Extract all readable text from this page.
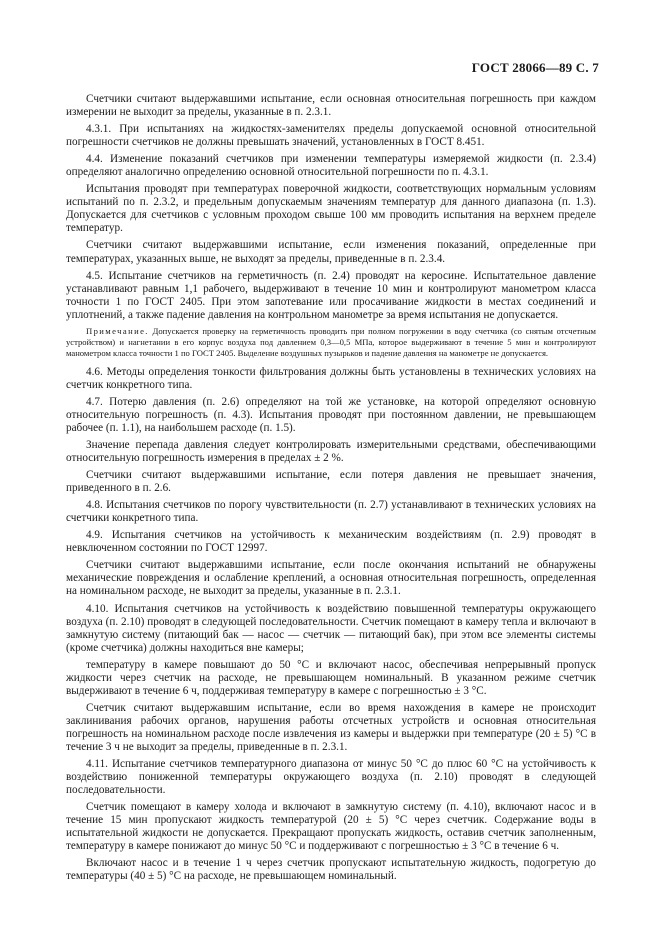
ГОСТ 28066—89 С. 7

Счетчики считают выдержавшими испытание, если основная относительная погрешность при каждом измерении не выходит за пределы, указанные в п. 2.3.1.

4.3.1. При испытаниях на жидкостях-заменителях пределы допускаемой основной относительной погрешности счетчиков не должны превышать значений, установленных в ГОСТ 8.451.

4.4. Изменение показаний счетчиков при изменении температуры измеряемой жидкости (п. 2.3.4) определяют аналогично определению основной относительной погрешности по п. 4.3.1.

Испытания проводят при температурах поверочной жидкости, соответствующих нормальным условиям испытаний по п. 2.3.2, и предельным допускаемым значениям температур для данного диапазона (п. 1.3). Допускается для счетчиков с условным проходом свыше 100 мм проводить испытания на верхнем пределе температур.

Счетчики считают выдержавшими испытание, если изменения показаний, определенные при температурах, указанных выше, не выходят за пределы, приведенные в п. 2.3.4.

4.5. Испытание счетчиков на герметичность (п. 2.4) проводят на керосине. Испытательное давление устанавливают равным 1,1 рабочего, выдерживают в течение 10 мин и контролируют манометром класса точности 1 по ГОСТ 2405. При этом запотевание или просачивание жидкости в местах соединений и уплотнений, а также падение давления на контрольном манометре за время испытания не допускается.

Примечание. Допускается проверку на герметичность проводить при полном погружении в воду счетчика (со снятым отсчетным устройством) и нагнетании в его корпус воздуха под давлением 0,3—0,5 МПа, которое выдерживают в течение 5 мин и контролируют манометром класса точности 1 по ГОСТ 2405. Выделение воздушных пузырьков и падение давления на манометре не допускается.

4.6. Методы определения тонкости фильтрования должны быть установлены в технических условиях на счетчик конкретного типа.

4.7. Потерю давления (п. 2.6) определяют на той же установке, на которой определяют основную относительную погрешность (п. 4.3). Испытания проводят при постоянном давлении, не превышающем рабочее (п. 1.1), на наибольшем расходе (п. 1.5).

Значение перепада давления следует контролировать измерительными средствами, обеспечивающими относительную погрешность измерения в пределах ± 2 %.

Счетчики считают выдержавшими испытание, если потеря давления не превышает значения, приведенного в п. 2.6.

4.8. Испытания счетчиков по порогу чувствительности (п. 2.7) устанавливают в технических условиях на счетчики конкретного типа.

4.9. Испытания счетчиков на устойчивость к механическим воздействиям (п. 2.9) проводят в невключенном состоянии по ГОСТ 12997.

Счетчики считают выдержавшими испытание, если после окончания испытаний не обнаружены механические повреждения и ослабление креплений, а основная относительная погрешность, определенная на номинальном расходе, не выходит за пределы, указанные в п. 2.3.1.

4.10. Испытания счетчиков на устойчивость к воздействию повышенной температуры окружающего воздуха (п. 2.10) проводят в следующей последовательности. Счетчик помещают в камеру тепла и включают в замкнутую систему (питающий бак — насос — счетчик — питающий бак), при этом все элементы системы (кроме счетчика) должны находиться вне камеры;

температуру в камере повышают до 50 °С и включают насос, обеспечивая непрерывный пропуск жидкости через счетчик на расходе, не превышающем номинальный. В указанном режиме счетчик выдерживают в течение 6 ч, поддерживая температуру в камере с погрешностью ± 3 °С.

Счетчик считают выдержавшим испытание, если во время нахождения в камере не происходит заклинивания рабочих органов, нарушения работы отсчетных устройств и основная относительная погрешность на номинальном расходе после извлечения из камеры и выдержки при температуре (20 ± 5) °С в течение 3 ч не выходит за пределы, приведенные в п. 2.3.1.

4.11. Испытание счетчиков температурного диапазона от минус 50 °С до плюс 60 °С на устойчивость к воздействию пониженной температуры окружающего воздуха (п. 2.10) проводят в следующей последовательности.

Счетчик помещают в камеру холода и включают в замкнутую систему (п. 4.10), включают насос и в течение 15 мин пропускают жидкость температурой (20 ± 5) °С через счетчик. Содержание воды в испытательной жидкости не допускается. Прекращают пропускать жидкость, оставив счетчик заполненным, температуру в камере понижают до минус 50 °С и поддерживают с погрешностью ± 3 °С в течение 6 ч.

Включают насос и в течение 1 ч через счетчик пропускают испытательную жидкость, подогретую до температуры (40 ± 5) °С на расходе, не превышающем номинальный.
